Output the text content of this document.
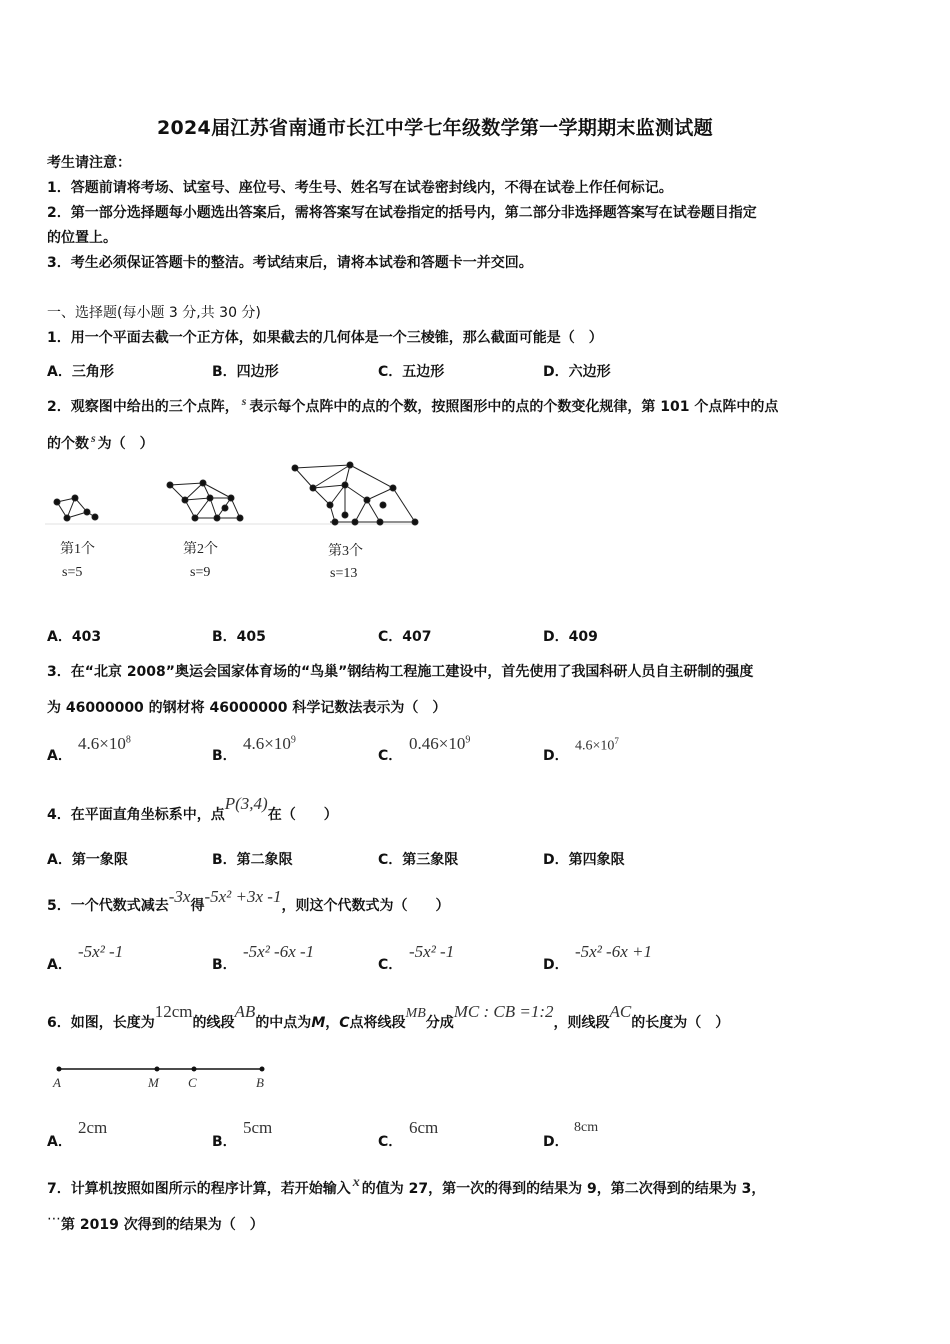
2024届江苏省南通市长江中学七年级数学第一学期期末监测试题
考生请注意：
1．答题前请将考场、试室号、座位号、考生号、姓名写在试卷密封线内，不得在试卷上作任何标记。
2．第一部分选择题每小题选出答案后，需将答案写在试卷指定的括号内，第二部分非选择题答案写在试卷题目指定
的位置上。
3．考生必须保证答题卡的整洁。考试结束后，请将本试卷和答题卡一并交回。
一、选择题(每小题 3 分,共 30 分)
1．用一个平面去截一个正方体，如果截去的几何体是一个三棱锥，那么截面可能是（　）
A．三角形	B．四边形	C．五边形	D．六边形
2．观察图中给出的三个点阵， s 表示每个点阵中的点的个数，按照图形中的点的个数变化规律，第 101 个点阵中的点
的个数 s 为（　）
第1个
s=5
第2个
s=9
第3个
s=13
A．403	B．405	C．407	D．409
3．在“北京 2008”奥运会国家体育场的“鸟巢”钢结构工程施工建设中，首先使用了我国科研人员自主研制的强度
为 46000000 的钢材将 46000000 科学记数法表示为（　）
A．
$4.6\times 10^8$
B．
$4.6\times 10^9$
C．
$0.46\times 10^9$
D．
$4.6\times 10^7$
4．在平面直角坐标系中，点P(3,4)在（　　）
A．第一象限	B．第二象限	C．第三象限	D．第四象限
5．一个代数式减去-3x得-5x² +3x -1，则这个代数式为（　　）
A．
-5x² -1
B．
-5x² -6x -1
C．
-5x² -1
D．
-5x² -6x +1
6．如图，长度为12cm的线段AB的中点为M，C点将线段MB分成MC : CB =1:2，则线段AC的长度为（　）
A	M C	B
A．
2cm
B．
5cm
C．
6cm
D．
8cm
7．计算机按照如图所示的程序计算，若开始输入 x 的值为 27，第一次的得到的结果为 9，第二次得到的结果为 3，
⋯第 2019 次得到的结果为（　）
